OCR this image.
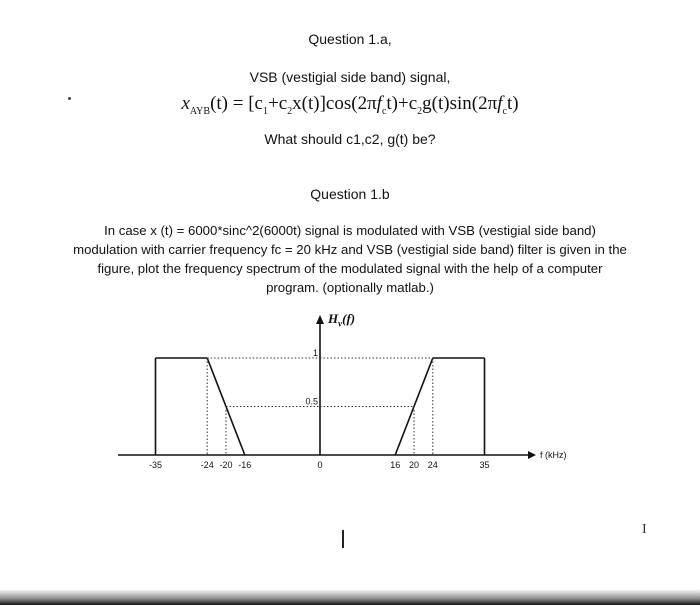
Question 1.a,
VSB (vestigial side band) signal,
$x_{AYB}(t) = [c_1+c_2x(t)]\cos(2\pi f_ct)+c_2g(t)\sin(2\pi f_ct)$
What should c1,c2, g(t) be?
Question 1.b
In case x (t) = 6000*sinc^2(6000t) signal is modulated with VSB (vestigial side band)
modulation with carrier frequency fc = 20 kHz and VSB (vestigial side band) filter is given in the
figure, plot the frequency spectrum of the modulated signal with the help of a computer
program. (optionally matlab.)
$H_v(f)$
-35	-24 -20 -16	0	16 20 24	35
1
0.5
f (kHz)
I
